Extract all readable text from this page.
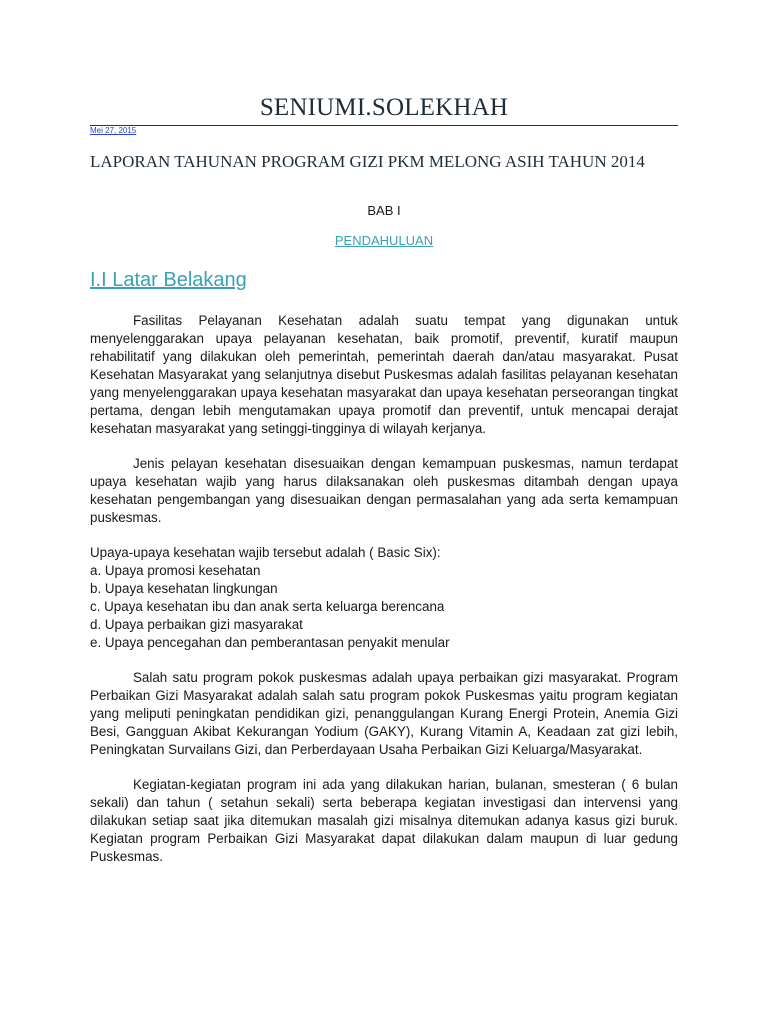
SENIUMI.SOLEKHAH
Mei 27, 2015
LAPORAN TAHUNAN PROGRAM GIZI PKM MELONG ASIH TAHUN 2014
BAB I
PENDAHULUAN
I.I Latar Belakang

Fasilitas Pelayanan Kesehatan adalah suatu tempat yang digunakan untuk menyelenggarakan upaya pelayanan kesehatan, baik promotif, preventif, kuratif maupun rehabilitatif yang dilakukan oleh pemerintah, pemerintah daerah dan/atau masyarakat. Pusat Kesehatan Masyarakat yang selanjutnya disebut Puskesmas adalah fasilitas pelayanan kesehatan yang menyelenggarakan upaya kesehatan masyarakat dan upaya kesehatan perseorangan tingkat pertama, dengan lebih mengutamakan upaya promotif dan preventif, untuk mencapai derajat kesehatan masyarakat yang setinggi-tingginya di wilayah kerjanya.

Jenis pelayan kesehatan disesuaikan dengan kemampuan puskesmas, namun terdapat upaya kesehatan wajib yang harus dilaksanakan oleh puskesmas ditambah dengan upaya kesehatan pengembangan yang disesuaikan dengan permasalahan yang ada serta kemampuan puskesmas.

Upaya-upaya kesehatan wajib tersebut adalah ( Basic Six):

a. Upaya promosi kesehatan
b. Upaya kesehatan lingkungan
c. Upaya kesehatan ibu dan anak serta keluarga berencana
d. Upaya perbaikan gizi masyarakat
e. Upaya pencegahan dan pemberantasan penyakit menular

Salah satu program pokok puskesmas adalah upaya perbaikan gizi masyarakat. Program Perbaikan Gizi Masyarakat adalah salah satu program pokok Puskesmas yaitu program kegiatan yang meliputi peningkatan pendidikan gizi, penanggulangan Kurang Energi Protein, Anemia Gizi Besi, Gangguan Akibat Kekurangan Yodium (GAKY), Kurang Vitamin A, Keadaan zat gizi lebih, Peningkatan Survailans Gizi, dan Perberdayaan Usaha Perbaikan Gizi Keluarga/Masyarakat.

Kegiatan-kegiatan program ini ada yang dilakukan harian, bulanan, smesteran ( 6 bulan sekali) dan tahun ( setahun sekali) serta beberapa kegiatan investigasi dan intervensi yang dilakukan setiap saat jika ditemukan masalah gizi misalnya ditemukan adanya kasus gizi buruk. Kegiatan program Perbaikan Gizi Masyarakat dapat dilakukan dalam maupun di luar gedung Puskesmas.
